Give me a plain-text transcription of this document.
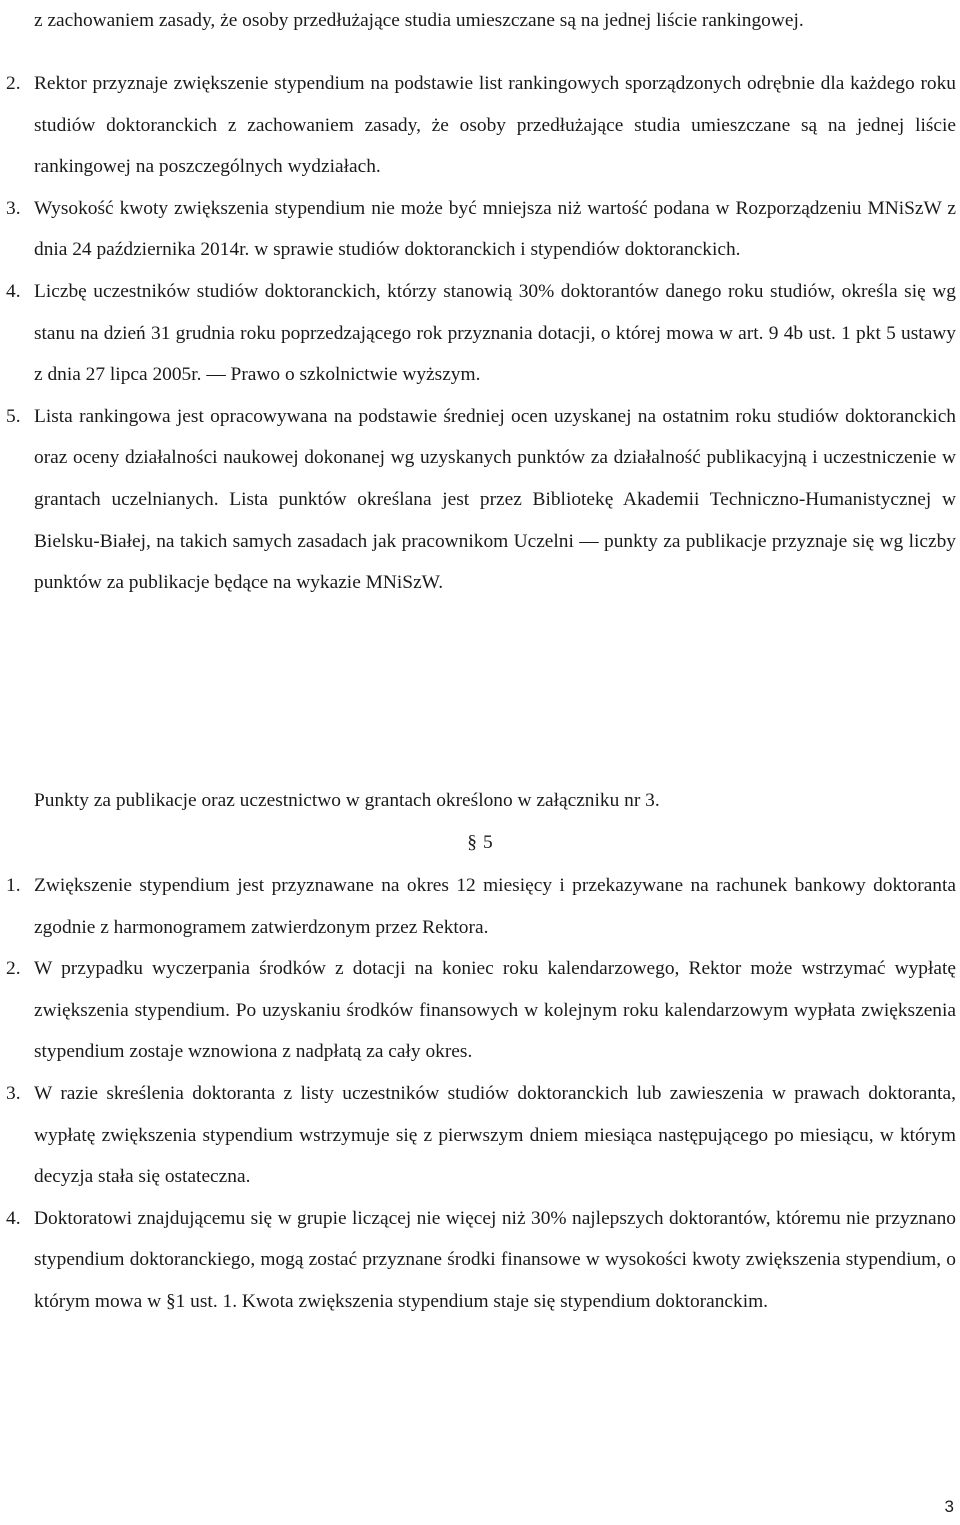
z zachowaniem zasady, że osoby przedłużające studia umieszczane są na jednej liście rankingowej.

2. Rektor przyznaje zwiększenie stypendium na podstawie list rankingowych sporządzonych odrębnie dla każdego roku studiów doktoranckich z zachowaniem zasady, że osoby przedłużające studia umieszczane są na jednej liście rankingowej na poszczególnych wydziałach.
3. Wysokość kwoty zwiększenia stypendium nie może być mniejsza niż wartość podana w Rozporządzeniu MNiSzW z dnia 24 października 2014r. w sprawie studiów doktoranckich i stypendiów doktoranckich.
4. Liczbę uczestników studiów doktoranckich, którzy stanowią 30% doktorantów danego roku studiów, określa się wg stanu na dzień 31 grudnia roku poprzedzającego rok przyznania dotacji, o której mowa w art. 9 4b ust. 1 pkt 5 ustawy z dnia 27 lipca 2005r. ― Prawo o szkolnictwie wyższym.
5. Lista rankingowa jest opracowywana na podstawie średniej ocen uzyskanej na ostatnim roku studiów doktoranckich oraz oceny działalności naukowej dokonanej wg uzyskanych punktów za działalność publikacyjną i uczestniczenie w grantach uczelnianych. Lista punktów określana jest przez Bibliotekę Akademii Techniczno-Humanistycznej w Bielsku-Białej, na takich samych zasadach jak pracownikom Uczelni ― punkty za publikacje przyznaje się wg liczby punktów za publikacje będące na wykazie MNiSzW.

Punkty za publikacje oraz uczestnictwo w grantach określono w załączniku nr 3.

§ 5
1. Zwiększenie stypendium jest przyznawane na okres 12 miesięcy i przekazywane na rachunek bankowy doktoranta zgodnie z harmonogramem zatwierdzonym przez Rektora.
2. W przypadku wyczerpania środków z dotacji na koniec roku kalendarzowego, Rektor może wstrzymać wypłatę zwiększenia stypendium. Po uzyskaniu środków finansowych w kolejnym roku kalendarzowym wypłata zwiększenia stypendium zostaje wznowiona z nadpłatą za cały okres.
3. W razie skreślenia doktoranta z listy uczestników studiów doktoranckich lub zawieszenia w prawach doktoranta, wypłatę zwiększenia stypendium wstrzymuje się z pierwszym dniem miesiąca następującego po miesiącu, w którym decyzja stała się ostateczna.
4. Doktoratowi znajdującemu się w grupie liczącej nie więcej niż 30% najlepszych doktorantów, któremu nie przyznano stypendium doktoranckiego, mogą zostać przyznane środki finansowe w wysokości kwoty zwiększenia stypendium, o którym mowa w §1 ust. 1. Kwota zwiększenia stypendium staje się stypendium doktoranckim.
3
